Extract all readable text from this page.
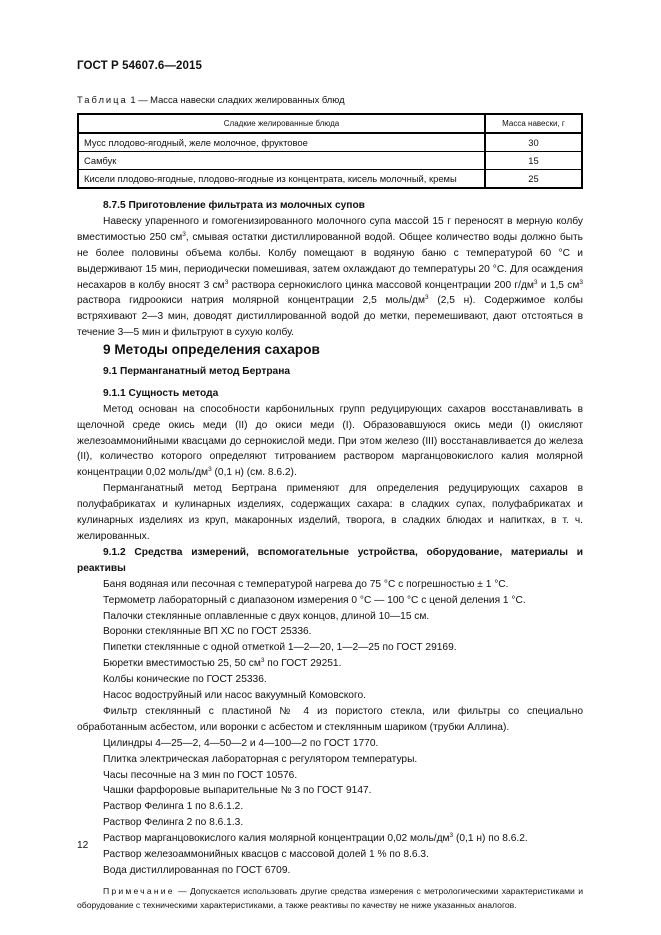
ГОСТ Р 54607.6—2015
Таблица 1 — Масса навески сладких желированных блюд
Сладкие желированные блюда	Масса навески, г
Мусс плодово-ягодный, желе молочное, фруктовое	30
Самбук	15
Кисели плодово-ягодные, плодово-ягодные из концентрата, кисель молочный, кремы	25
8.7.5 Приготовление фильтрата из молочных супов
Навеску упаренного и гомогенизированного молочного супа массой 15 г переносят в мерную колбу вместимостью 250 $см^3$, смывая остатки дистиллированной водой. Общее количество воды должно быть не более половины объема колбы. Колбу помещают в водяную баню с температурой 60 °С и выдерживают 15 мин, периодически помешивая, затем охлаждают до температуры 20 °С. Для осаждения несахаров в колбу вносят 3 $см^3$ раствора сернокислого цинка массовой концентрации 200 $г/дм^3$ и 1,5 $см^3$ раствора гидроокиси натрия молярной концентрации 2,5 моль/$дм^3$ (2,5 н). Содержимое колбы встряхивают 2—3 мин, доводят дистиллированной водой до метки, перемешивают, дают отстояться в течение 3—5 мин и фильтруют в сухую колбу.
9 Методы определения сахаров
9.1 Перманганатный метод Бертрана
9.1.1 Сущность метода
Метод основан на способности карбонильных групп редуцирующих сахаров восстанавливать в щелочной среде окись меди (II) до окиси меди (I). Образовавшуюся окись меди (I) окисляют железоаммонийными квасцами до сернокислой меди. При этом железо (III) восстанавливается до железа (II), количество которого определяют титрованием раствором марганцовокислого калия молярной концентрации 0,02 моль/$дм^3$ (0,1 н) (см. 8.6.2).
Перманганатный метод Бертрана применяют для определения редуцирующих сахаров в полуфабрикатах и кулинарных изделиях, содержащих сахара: в сладких супах, полуфабрикатах и кулинарных изделиях из круп, макаронных изделий, творога, в сладких блюдах и напитках, в т. ч. желированных.
9.1.2 Средства измерений, вспомогательные устройства, оборудование, материалы и реактивы
Баня водяная или песочная с температурой нагрева до 75 °С с погрешностью ± 1 °С.
Термометр лабораторный с диапазоном измерения 0 °С — 100 °С с ценой деления 1 °С.
Палочки стеклянные оплавленные с двух концов, длиной 10—15 см.
Воронки стеклянные ВП ХС по ГОСТ 25336.
Пипетки стеклянные с одной отметкой 1—2—20, 1—2—25 по ГОСТ 29169.
Бюретки вместимостью 25, 50 $см^3$ по ГОСТ 29251.
Колбы конические по ГОСТ 25336.
Насос водоструйный или насос вакуумный Комовского.
Фильтр стеклянный с пластиной № 4 из пористого стекла, или фильтры со специально обработанным асбестом, или воронки с асбестом и стеклянным шариком (трубки Аллина).
Цилиндры 4—25—2, 4—50—2 и 4—100—2 по ГОСТ 1770.
Плитка электрическая лабораторная с регулятором температуры.
Часы песочные на 3 мин по ГОСТ 10576.
Чашки фарфоровые выпарительные № 3 по ГОСТ 9147.
Раствор Фелинга 1 по 8.6.1.2.
Раствор Фелинга 2 по 8.6.1.3.
Раствор марганцовокислого калия молярной концентрации 0,02 моль/$дм^3$ (0,1 н) по 8.6.2.
Раствор железоаммонийных квасцов с массовой долей 1 % по 8.6.3.
Вода дистиллированная по ГОСТ 6709.
Примечание — Допускается использовать другие средства измерения с метрологическими характеристиками и оборудование с техническими характеристиками, а также реактивы по качеству не ниже указанных аналогов.
12
